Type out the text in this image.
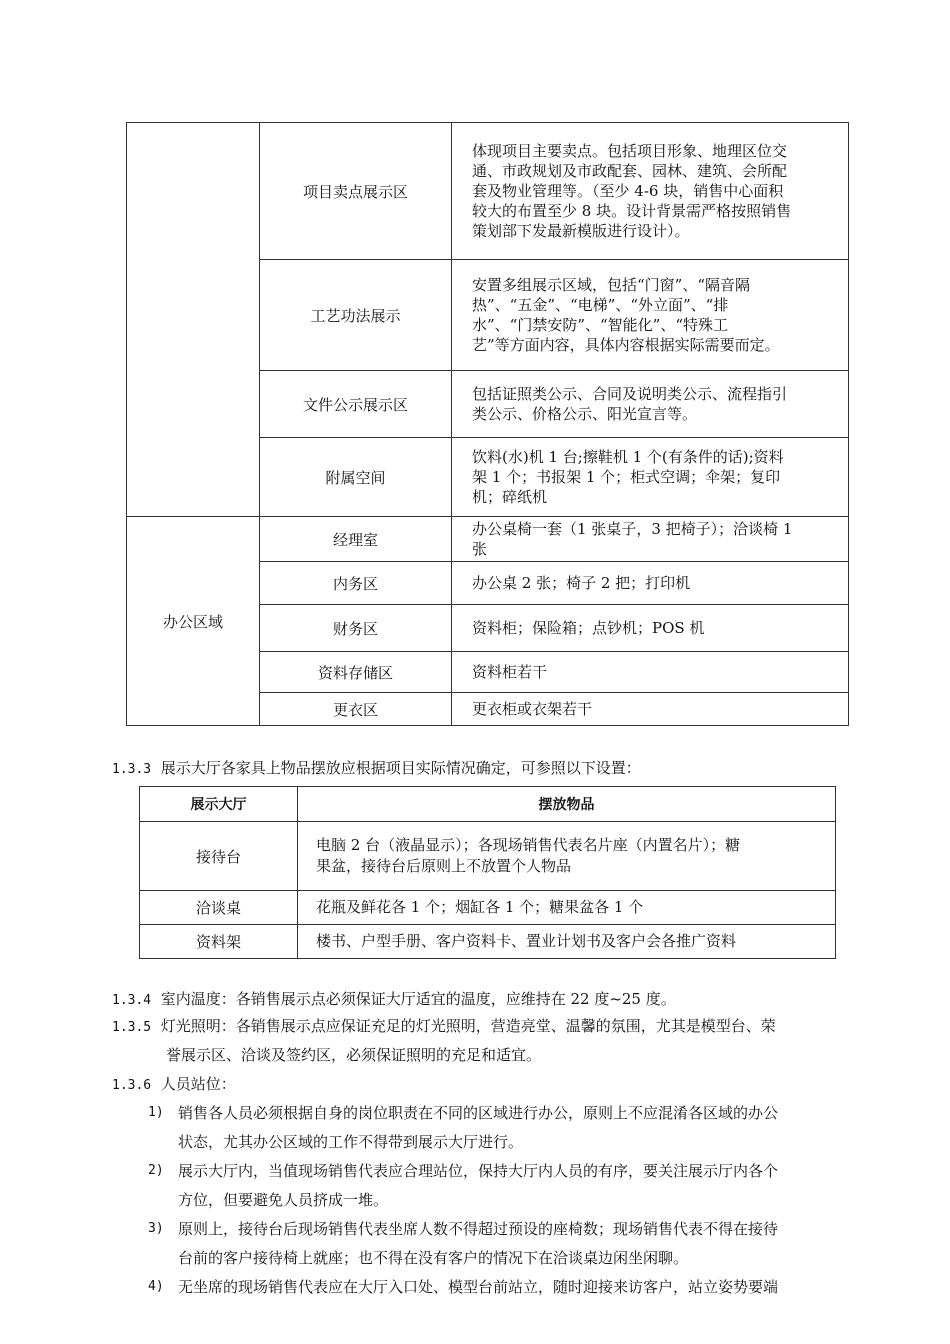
	项目卖点展示区	体现项目主要卖点。包括项目形象、地理区位交
通、市政规划及市政配套、园林、建筑、会所配
套及物业管理等。（至少 4-6 块，销售中心面积
较大的布置至少 8 块。设计背景需严格按照销售
策划部下发最新模版进行设计）。

	工艺功法展示	安置多组展示区域，包括“门窗”、“隔音隔
热”、“五金”、“电梯”、“外立面”、“排
水”、“门禁安防”、“智能化”、“特殊工
艺”等方面内容，具体内容根据实际需要而定。

	文件公示展示区	包括证照类公示、合同及说明类公示、流程指引
类公示、价格公示、阳光宣言等。

	附属空间	饮料(水)机 1 台;擦鞋机 1 个(有条件的话);资料
架 1 个；书报架 1 个；柜式空调；伞架；复印
机；碎纸机

办公区域	经理室	办公桌椅一套（1 张桌子，3 把椅子）；洽谈椅 1
张

	内务区	办公桌 2 张；椅子 2 把；打印机
	财务区	资料柜；保险箱；点钞机；POS 机
	资料存储区	资料柜若干
	更衣区	更衣柜或衣架若干
1.3.3 展示大厅各家具上物品摆放应根据项目实际情况确定，可参照以下设置：
展示大厅	摆放物品
接待台	电脑 2 台（液晶显示）；各现场销售代表名片座（内置名片）；糖
果盆，接待台后原则上不放置个人物品

洽谈桌	花瓶及鲜花各 1 个；烟缸各 1 个；糖果盆各 1 个
资料架	楼书、户型手册、客户资料卡、置业计划书及客户会各推广资料
1.3.4 室内温度：各销售展示点必须保证大厅适宜的温度，应维持在 22 度~25 度。
1.3.5 灯光照明：各销售展示点应保证充足的灯光照明，营造亮堂、温馨的氛围，尤其是模型台、荣
誉展示区、洽谈及签约区，必须保证照明的充足和适宜。
1.3.6 人员站位：
1) 销售各人员必须根据自身的岗位职责在不同的区域进行办公，原则上不应混淆各区域的办公
状态，尤其办公区域的工作不得带到展示大厅进行。
2) 展示大厅内，当值现场销售代表应合理站位，保持大厅内人员的有序，要关注展示厅内各个
方位，但要避免人员挤成一堆。
3) 原则上，接待台后现场销售代表坐席人数不得超过预设的座椅数；现场销售代表不得在接待
台前的客户接待椅上就座；也不得在没有客户的情况下在洽谈桌边闲坐闲聊。
4) 无坐席的现场销售代表应在大厅入口处、模型台前站立，随时迎接来访客户，站立姿势要端
